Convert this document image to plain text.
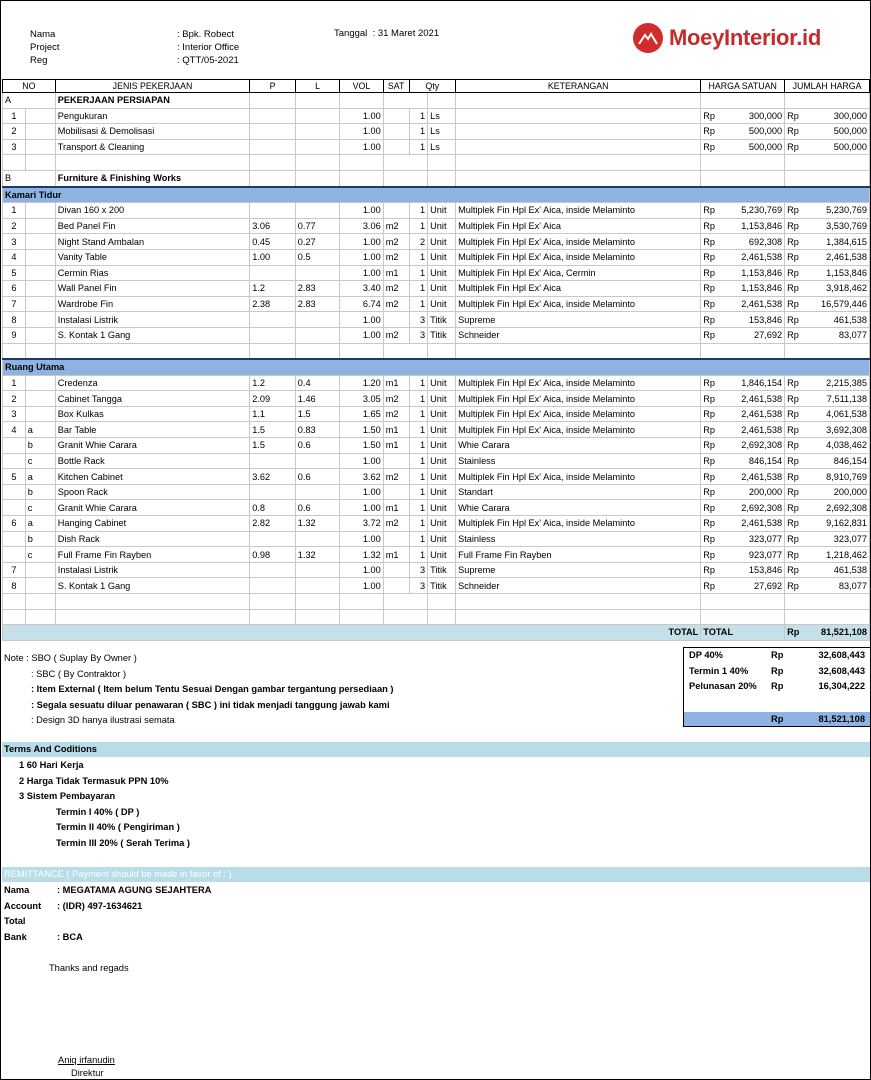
Nama	: Bpk. Robect
Project	: Interior Office
Reg	: QTT/05-2021
Tanggal : 31 Maret 2021	MoeyInterior.id
NO		JENIS PEKERJAAN	P	L	VOL	SAT	Qty		KETERANGAN	HARGA SATUAN	JUMLAH HARGA
A		PEKERJAAN PERSIAPAN									
1		Pengukuran			1.00		1	Ls		Rp 300,000	Rp 300,000

2		Mobilisasi & Demolisasi			1.00		1	Ls		Rp 500,000	Rp 500,000

3		Transport & Cleaning			1.00		1	Ls		Rp 500,000	Rp 500,000

B		Furniture & Finishing Works									
Kamari Tidur											
1		Divan 160 x 200			1.00		1	Unit	Multiplek Fin Hpl Ex' Aica, inside Melaminto	Rp 5,230,769	Rp 5,230,769

2		Bed Panel Fin	3.06	0.77	3.06	m2	1	Unit	Multiplek Fin Hpl Ex' Aica	Rp 1,153,846	Rp 3,530,769

3		Night Stand Ambalan	0.45	0.27	1.00	m2	2	Unit	Multiplek Fin Hpl Ex' Aica, inside Melaminto	Rp 692,308	Rp 1,384,615

4		Vanity Table	1.00	0.5	1.00	m2	1	Unit	Multiplek Fin Hpl Ex' Aica, inside Melaminto	Rp 2,461,538	Rp 2,461,538

5		Cermin Rias			1.00	m1	1	Unit	Multiplek Fin Hpl Ex' Aica, Cermin	Rp 1,153,846	Rp 1,153,846

6		Wall Panel Fin	1.2	2.83	3.40	m2	1	Unit	Multiplek Fin Hpl Ex' Aica	Rp 1,153,846	Rp 3,918,462

7		Wardrobe Fin	2.38	2.83	6.74	m2	1	Unit	Multiplek Fin Hpl Ex' Aica, inside Melaminto	Rp 2,461,538	Rp 16,579,446

8		Instalasi Listrik			1.00		3	Titik	Supreme	Rp 153,846	Rp 461,538

9		S. Kontak 1 Gang			1.00	m2	3	Titik	Schneider	Rp 27,692	Rp 83,077

Ruang Utama											
1		Credenza	1.2	0.4	1.20	m1	1	Unit	Multiplek Fin Hpl Ex' Aica, inside Melaminto	Rp 1,846,154	Rp 2,215,385

2		Cabinet Tangga	2.09	1.46	3.05	m2	1	Unit	Multiplek Fin Hpl Ex' Aica, inside Melaminto	Rp 2,461,538	Rp 7,511,138

3		Box Kulkas	1.1	1.5	1.65	m2	1	Unit	Multiplek Fin Hpl Ex' Aica, inside Melaminto	Rp 2,461,538	Rp 4,061,538

4	a	Bar Table	1.5	0.83	1.50	m1	1	Unit	Multiplek Fin Hpl Ex' Aica, inside Melaminto	Rp 2,461,538	Rp 3,692,308

	b	Granit Whie Carara	1.5	0.6	1.50	m1	1	Unit	Whie Carara	Rp 2,692,308	Rp 4,038,462

	c	Bottle Rack			1.00		1	Unit	Stainless	Rp 846,154	Rp 846,154

5	a	Kitchen Cabinet	3.62	0.6	3.62	m2	1	Unit	Multiplek Fin Hpl Ex' Aica, inside Melaminto	Rp 2,461,538	Rp 8,910,769

	b	Spoon Rack			1.00		1	Unit	Standart	Rp 200,000	Rp 200,000

	c	Granit Whie Carara	0.8	0.6	1.00	m1	1	Unit	Whie Carara	Rp 2,692,308	Rp 2,692,308

6	a	Hanging Cabinet	2.82	1.32	3.72	m2	1	Unit	Multiplek Fin Hpl Ex' Aica, inside Melaminto	Rp 2,461,538	Rp 9,162,831

	b	Dish Rack			1.00		1	Unit	Stainless	Rp 323,077	Rp 323,077

	c	Full Frame Fin Rayben	0.98	1.32	1.32	m1	1	Unit	Full Frame Fin Rayben	Rp 923,077	Rp 1,218,462

7		Instalasi Listrik			1.00		3	Titik	Supreme	Rp 153,846	Rp 461,538

8		S. Kontak 1 Gang			1.00		3	Titik	Schneider	Rp 27,692	Rp 83,077

TOTAL										TOTAL	Rp 81,521,108
Note : SBO ( Suplay By Owner )
: SBC ( By Contraktor )
: Item External ( Item belum Tentu Sesuai Dengan gambar tergantung persediaan )
: Segala sesuatu diluar penawaran ( SBC ) ini tidak menjadi tanggung jawab kami
: Design 3D hanya ilustrasi semata
DP 40%	Rp	32,608,443
Termin 1 40%	Rp	32,608,443
Pelunasan 20%	Rp	16,304,222
Rp	81,521,108
Terms And Coditions
1 60 Hari Kerja
2 Harga Tidak Termasuk PPN 10%
3 Sistem Pembayaran
Termin I 40% ( DP )
Termin II 40% ( Pengiriman )
Termin III 20% ( Serah Terima )
REMITTANCE ( Payment should be made in favor of : )
Nama	: MEGATAMA AGUNG SEJAHTERA
Account : (IDR) 497-1634621
Total
Bank	: BCA
Thanks and regads
Aniq irfanudin
Direktur
